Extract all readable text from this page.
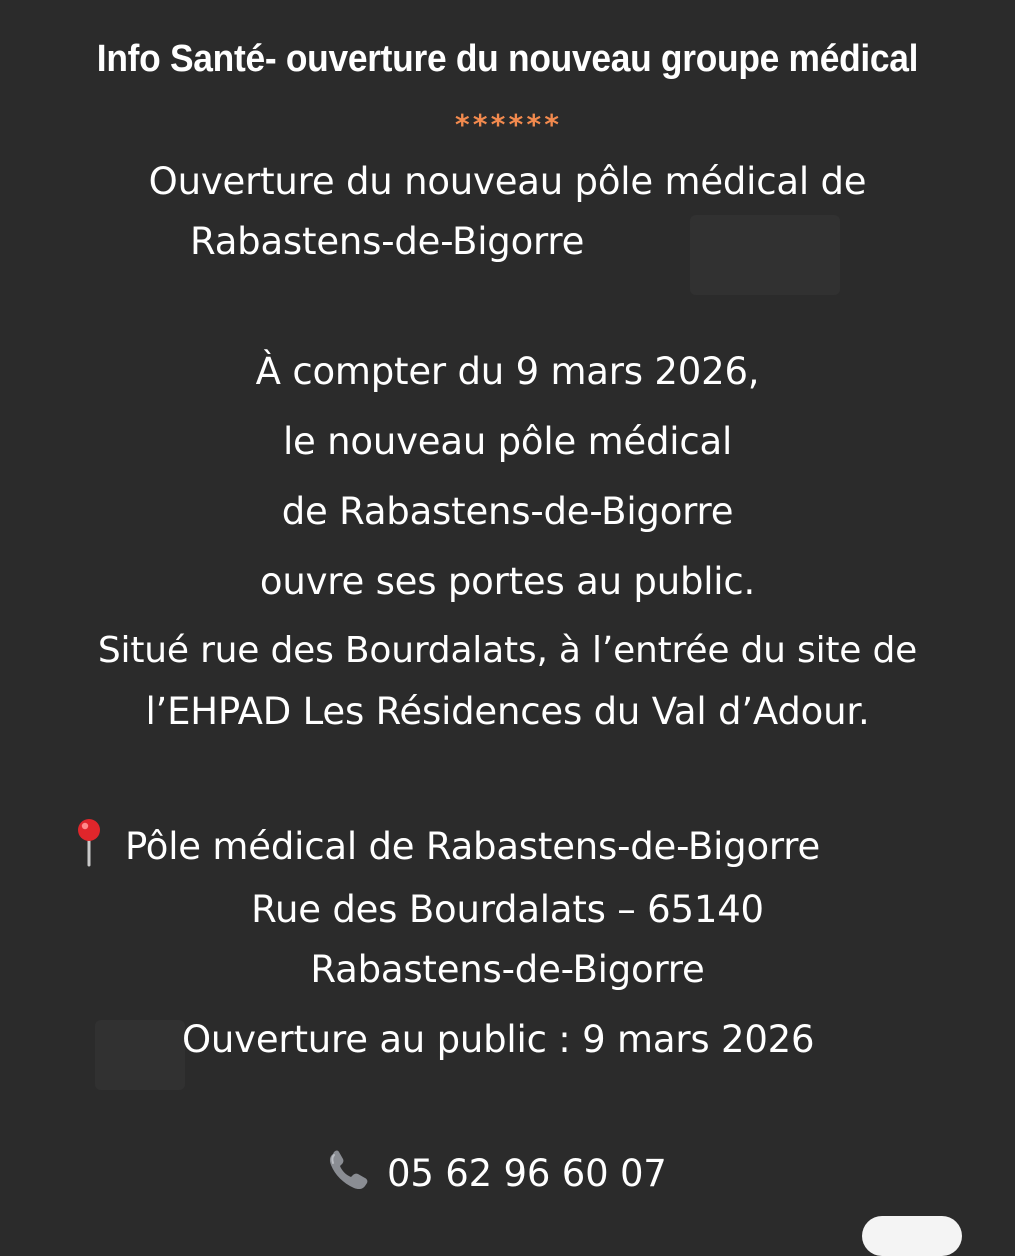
Info Santé- ouverture du nouveau groupe médical
******
Ouverture du nouveau pôle médical de
Rabastens-de-Bigorre
À compter du 9 mars 2026,
le nouveau pôle médical
de Rabastens-de-Bigorre
ouvre ses portes au public.
Situé rue des Bourdalats, à l’entrée du site de
l’EHPAD Les Résidences du Val d’Adour.
Pôle médical de Rabastens-de-Bigorre
Rue des Bourdalats – 65140
Rabastens-de-Bigorre
Ouverture au public : 9 mars 2026
05 62 96 60 07
